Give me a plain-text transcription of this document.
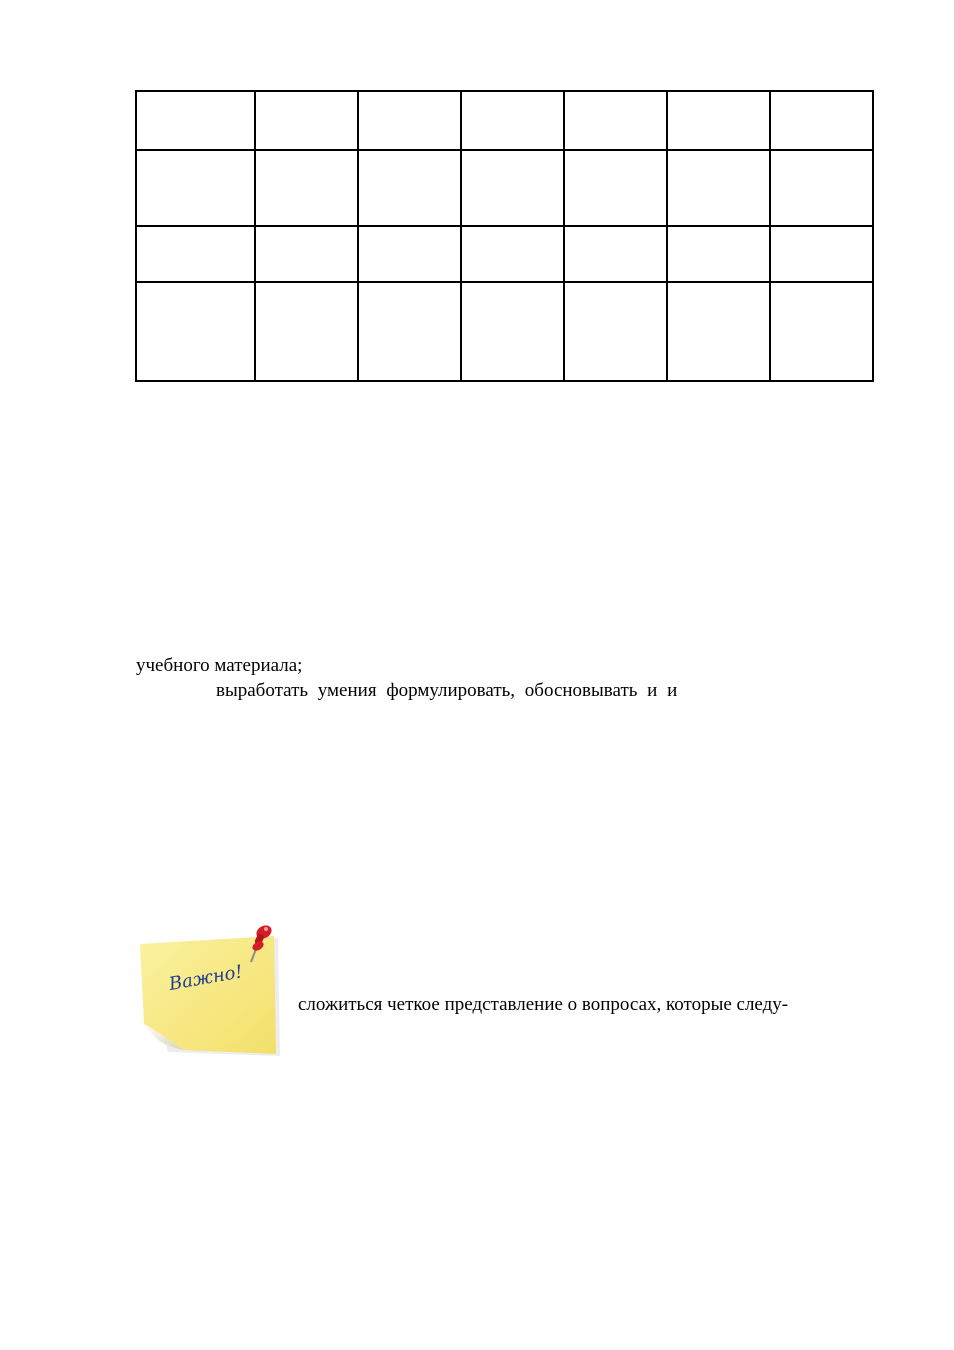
учебного материала;
выработать умения формулировать, обосновывать и и
Важно!
сложиться четкое представление о вопросах, которые следу-
